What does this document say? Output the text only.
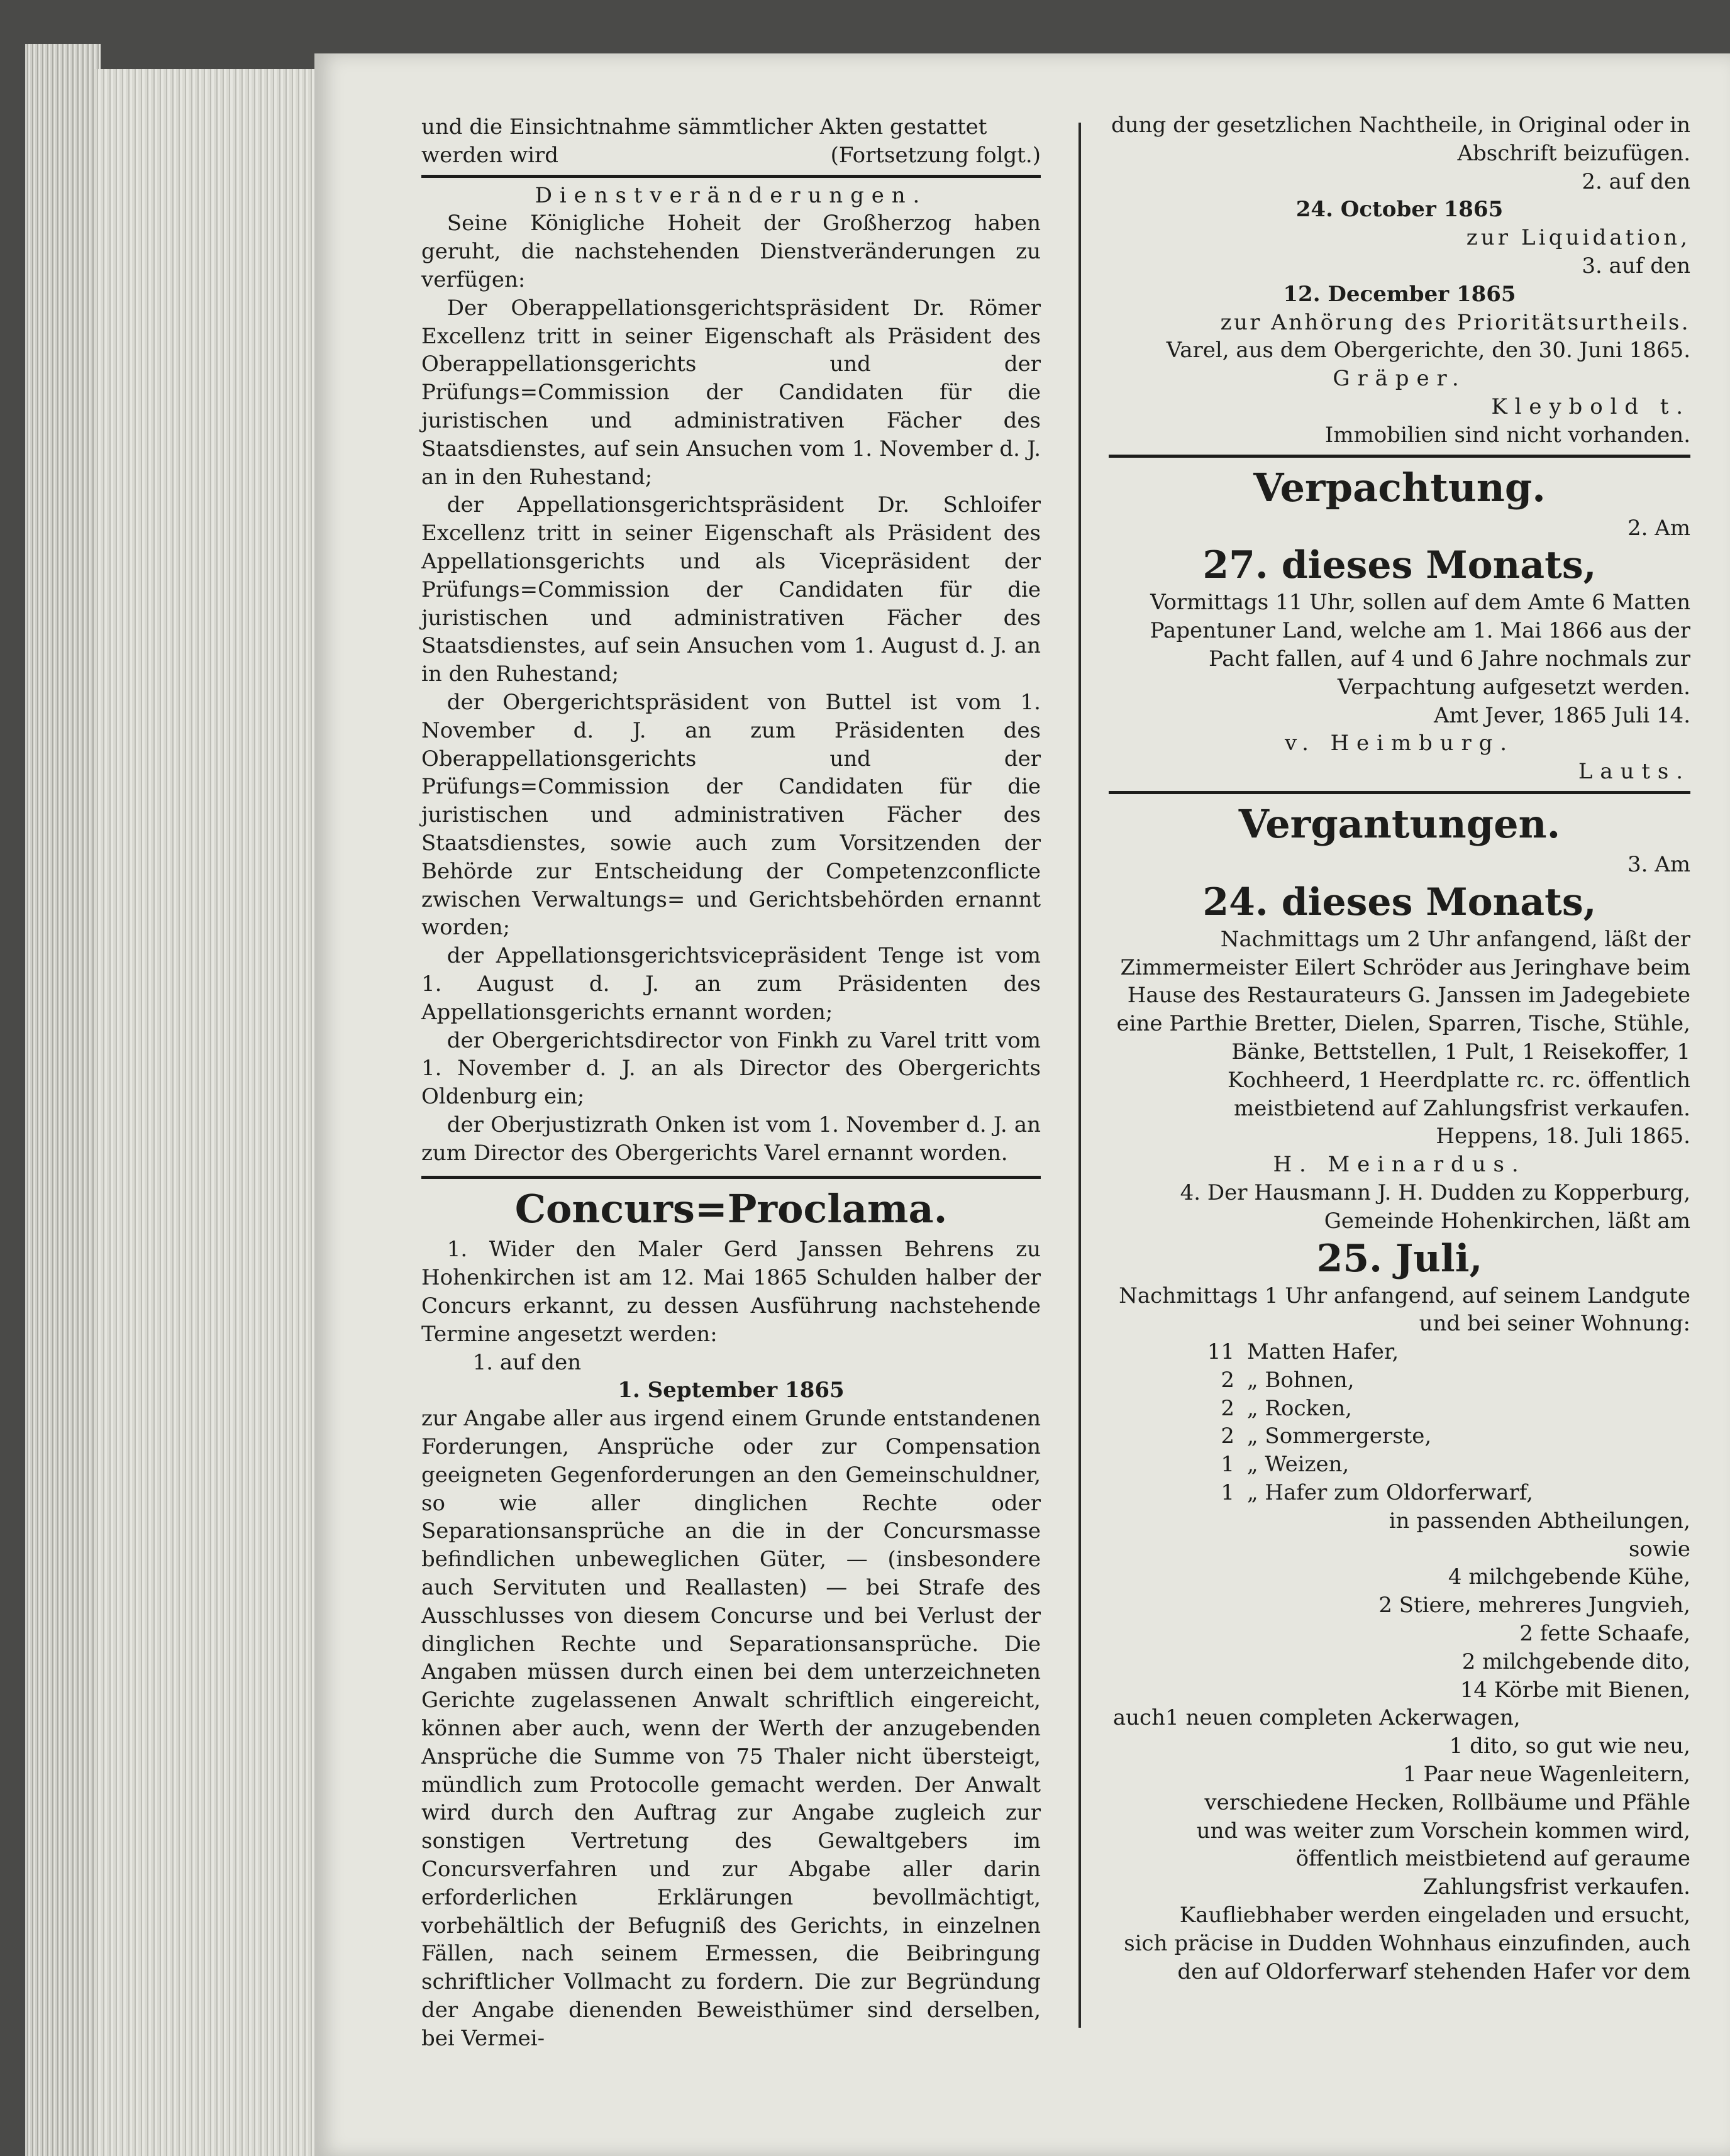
und die Einsichtnahme sämmtlicher Akten gestattet

werden wird	(Fortsetzung folgt.)

Dienstveränderungen.

Seine Königliche Hoheit der Großherzog haben geruht, die nachstehenden Dienstveränderungen zu verfügen:

Der Oberappellationsgerichtspräsident Dr. Römer Excellenz tritt in seiner Eigenschaft als Präsident des Oberappellationsgerichts und der Prüfungs=Commission der Candidaten für die juristischen und administrativen Fächer des Staatsdienstes, auf sein Ansuchen vom 1. November d. J. an in den Ruhestand;

der Appellationsgerichtspräsident Dr. Schloifer Excellenz tritt in seiner Eigenschaft als Präsident des Appellationsgerichts und als Vicepräsident der Prüfungs=Commission der Candidaten für die juristischen und administrativen Fächer des Staatsdienstes, auf sein Ansuchen vom 1. August d. J. an in den Ruhestand;

der Obergerichtspräsident von Buttel ist vom 1. November d. J. an zum Präsidenten des Oberappellationsgerichts und der Prüfungs=Commission der Candidaten für die juristischen und administrativen Fächer des Staatsdienstes, sowie auch zum Vorsitzenden der Behörde zur Entscheidung der Competenzconflicte zwischen Verwaltungs= und Gerichtsbehörden ernannt worden;

der Appellationsgerichtsvicepräsident Tenge ist vom 1. August d. J. an zum Präsidenten des Appellationsgerichts ernannt worden;

der Obergerichtsdirector von Finkh zu Varel tritt vom 1. November d. J. an als Director des Obergerichts Oldenburg ein;

der Oberjustizrath Onken ist vom 1. November d. J. an zum Director des Obergerichts Varel ernannt worden.

Concurs=Proclama.

1. Wider den Maler Gerd Janssen Behrens zu Hohenkirchen ist am 12. Mai 1865 Schulden halber der Concurs erkannt, zu dessen Ausführung nachstehende Termine angesetzt werden:

1. auf den

1. September 1865

zur Angabe aller aus irgend einem Grunde entstandenen Forderungen, Ansprüche oder zur Compensation geeigneten Gegenforderungen an den Gemeinschuldner, so wie aller dinglichen Rechte oder Separationsansprüche an die in der Concursmasse befindlichen unbeweglichen Güter, — (insbesondere auch Servituten und Reallasten) — bei Strafe des Ausschlusses von diesem Concurse und bei Verlust der dinglichen Rechte und Separationsansprüche. Die Angaben müssen durch einen bei dem unterzeichneten Gerichte zugelassenen Anwalt schriftlich eingereicht, können aber auch, wenn der Werth der anzugebenden Ansprüche die Summe von 75 Thaler nicht übersteigt, mündlich zum Protocolle gemacht werden. Der Anwalt wird durch den Auftrag zur Angabe zugleich zur sonstigen Vertretung des Gewaltgebers im Concursverfahren und zur Abgabe aller darin erforderlichen Erklärungen bevollmächtigt, vorbehältlich der Befugniß des Gerichts, in einzelnen Fällen, nach seinem Ermessen, die Beibringung schriftlicher Vollmacht zu fordern. Die zur Begründung der Angabe dienenden Beweisthümer sind derselben, bei Vermei-

dung der gesetzlichen Nachtheile, in Original oder in Abschrift beizufügen.

2. auf den

24. October 1865

zur Liquidation,

3. auf den

12. December 1865

zur Anhörung des Prioritätsurtheils.

Varel, aus dem Obergerichte, den 30. Juni 1865.

Gräper.

Kleybold t.

Immobilien sind nicht vorhanden.

Verpachtung.

2. Am

27. dieses Monats,

Vormittags 11 Uhr, sollen auf dem Amte 6 Matten Papentuner Land, welche am 1. Mai 1866 aus der Pacht fallen, auf 4 und 6 Jahre nochmals zur Verpachtung aufgesetzt werden.

Amt Jever, 1865 Juli 14.

v. Heimburg.

Lauts.

Vergantungen.

3. Am

24. dieses Monats,

Nachmittags um 2 Uhr anfangend, läßt der Zimmermeister Eilert Schröder aus Jeringhave beim Hause des Restaurateurs G. Janssen im Jadegebiete eine Parthie Bretter, Dielen, Sparren, Tische, Stühle, Bänke, Bettstellen, 1 Pult, 1 Reisekoffer, 1 Kochheerd, 1 Heerdplatte rc. rc. öffentlich meistbietend auf Zahlungsfrist verkaufen.

Heppens, 18. Juli 1865.

H. Meinardus.

4. Der Hausmann J. H. Dudden zu Kopperburg, Gemeinde Hohenkirchen, läßt am

25. Juli,

Nachmittags 1 Uhr anfangend, auf seinem Landgute und bei seiner Wohnung:

11 Matten Hafer,
2 „ Bohnen,
2 „ Rocken,
2 „ Sommergerste,
1 „ Weizen,
1 „ Hafer zum Oldorferwarf,

in passenden Abtheilungen,

sowie

4 milchgebende Kühe,

2 Stiere, mehreres Jungvieh,

2 fette Schaafe,

2 milchgebende dito,

14 Körbe mit Bienen,

auch 1 neuen completen Ackerwagen,

1 dito, so gut wie neu,

1 Paar neue Wagenleitern,

verschiedene Hecken, Rollbäume und Pfähle und was weiter zum Vorschein kommen wird, öffentlich meistbietend auf geraume Zahlungsfrist verkaufen.

Kaufliebhaber werden eingeladen und ersucht, sich präcise in Dudden Wohnhaus einzufinden, auch den auf Oldorferwarf stehenden Hafer vor dem
